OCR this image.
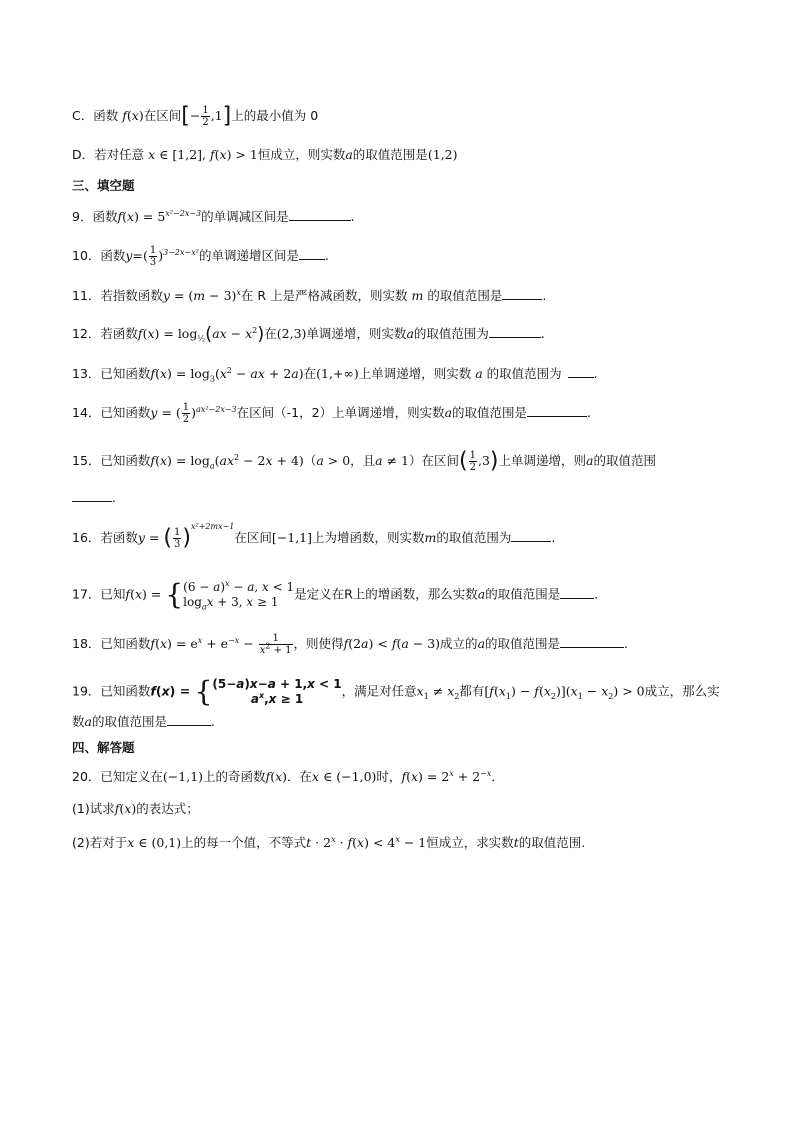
C．函数 f(x)在区间[− $\frac{1}{2} ,1$]上的最小值为 0
D．若对任意 x ∈ [1,2], f(x) > 1恒成立，则实数a的取值范围是(1,2)
三、填空题
9．函数$f(x) = 5^{x^2-2x-3}$的单调减区间是	.
10．函数$y=( \frac{1}{3} )^{3-2x-x^2}$的单调递增区间是 .
11．若指数函数$y = (m - 3)^x$在 R 上是严格减函数，则实数 m 的取值范围是	.
12．若函数$f(x) = \log_{\frac{1}{2}}(ax - x^2)$在(2,3)单调递增，则实数a的取值范围为	.
13．已知函数$f(x) = \log_3(x^2$ − ax + 2a)在(1,+∞)上单调递增，则实数 a 的取值范围为	.
14．已知函数y = ( $\frac{1}{2} )^{ax^2-2x-3}$在区间（-1，2）上单调递增，则实数a的取值范围是	.
15．已知函数$f(x) = \log_a(ax^2 - 2x + 4)(a > 0$，且a ≠ 1）在区间( $\frac{1}{2} ,3$)上单调递增，则a的取值范围
.
16．若函数y = ( $\frac{1}{3} )^{x^2+2mx-1}$在区间[−1,1]上为增函数，则实数m的取值范围为	.
17．已知f(x) = { $(6 - a)^x - a$, x < 1
$\log_ax + 3$, x ≥ 1
是定义在R上的增函数，那么实数a的取值范围是	.
18．已知函数$f(x) = e^x + e^{-x} - \frac{1}{x^2 + 1}$ ，则使得f(2a) < f(a − 3)成立的a的取值范围是	.
19．已知函数f(x) = { (5−a)x−a + 1,x < 1
$a^x,x \ge 1$
，满足对任意$x_1 \ne x_2$都有$[f(x_1) - f(x_2)](x_1 - x_2) > 0$成立，那么实
数a的取值范围是	.
四、解答题
20．已知定义在(−1,1)上的奇函数f(x)．在x ∈ (−1,0)时，$f(x) = 2^x + 2^{-x}$．
(1)试求f(x)的表达式；
(2)若对于x ∈ (0,1)上的每一个值，不等式$t \cdot 2^x \cdot f(x) < 4^x - 1$恒成立，求实数t的取值范围.
